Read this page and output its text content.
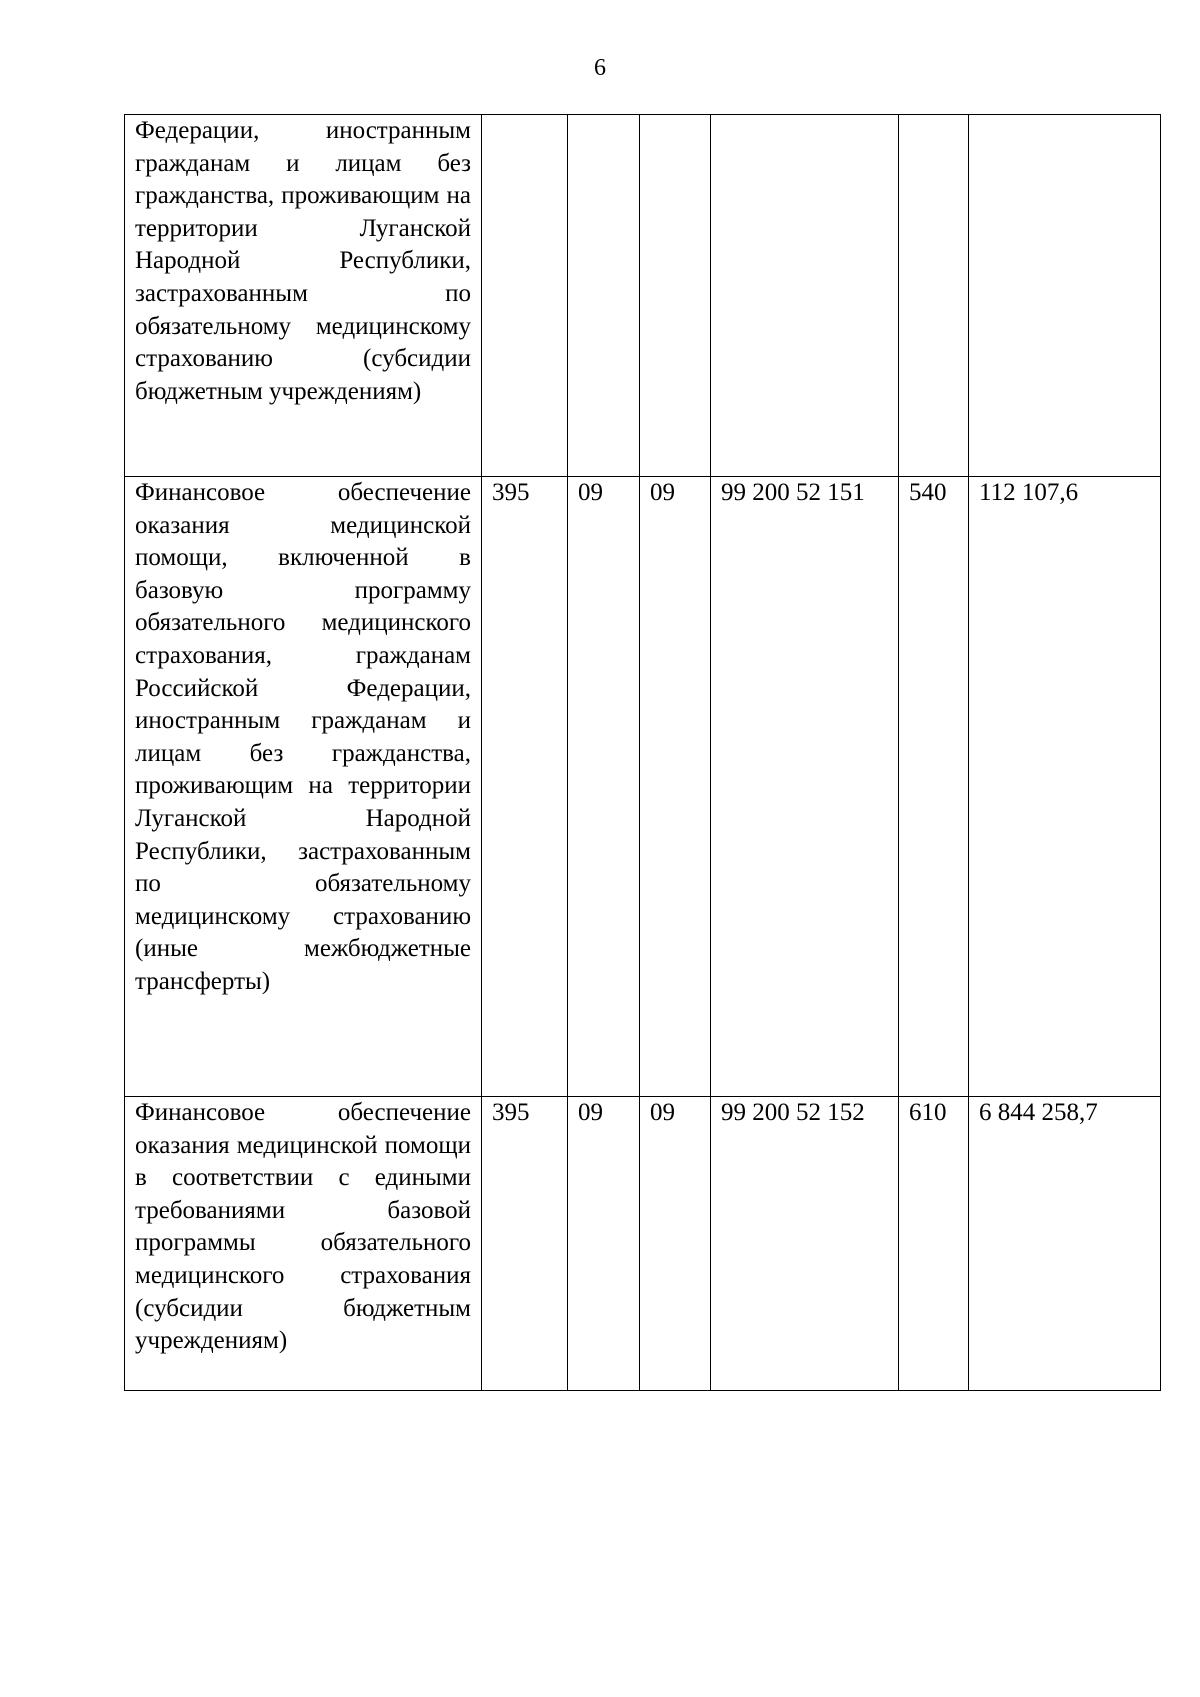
6
Федерации, иностранным гражданам и лицам без гражданства, проживающим на территории Луганской Народной Республики, застрахованным по обязательному медицинскому страхованию (субсидии бюджетным учреждениям)						
Финансовое обеспечение оказания медицинской помощи, включенной в базовую программу обязательного медицинского страхования, гражданам Российской Федерации, иностранным гражданам и лицам без гражданства, проживающим на территории Луганской Народной Республики, застрахованным по обязательному медицинскому страхованию (иные межбюджетные трансферты)	395	09	09	99 200 52 151	540	112 107,6
Финансовое обеспечение оказания медицинской помощи в соответствии с едиными требованиями базовой программы обязательного медицинского страхования (субсидии бюджетным учреждениям)	395	09	09	99 200 52 152	610	6 844 258,7
